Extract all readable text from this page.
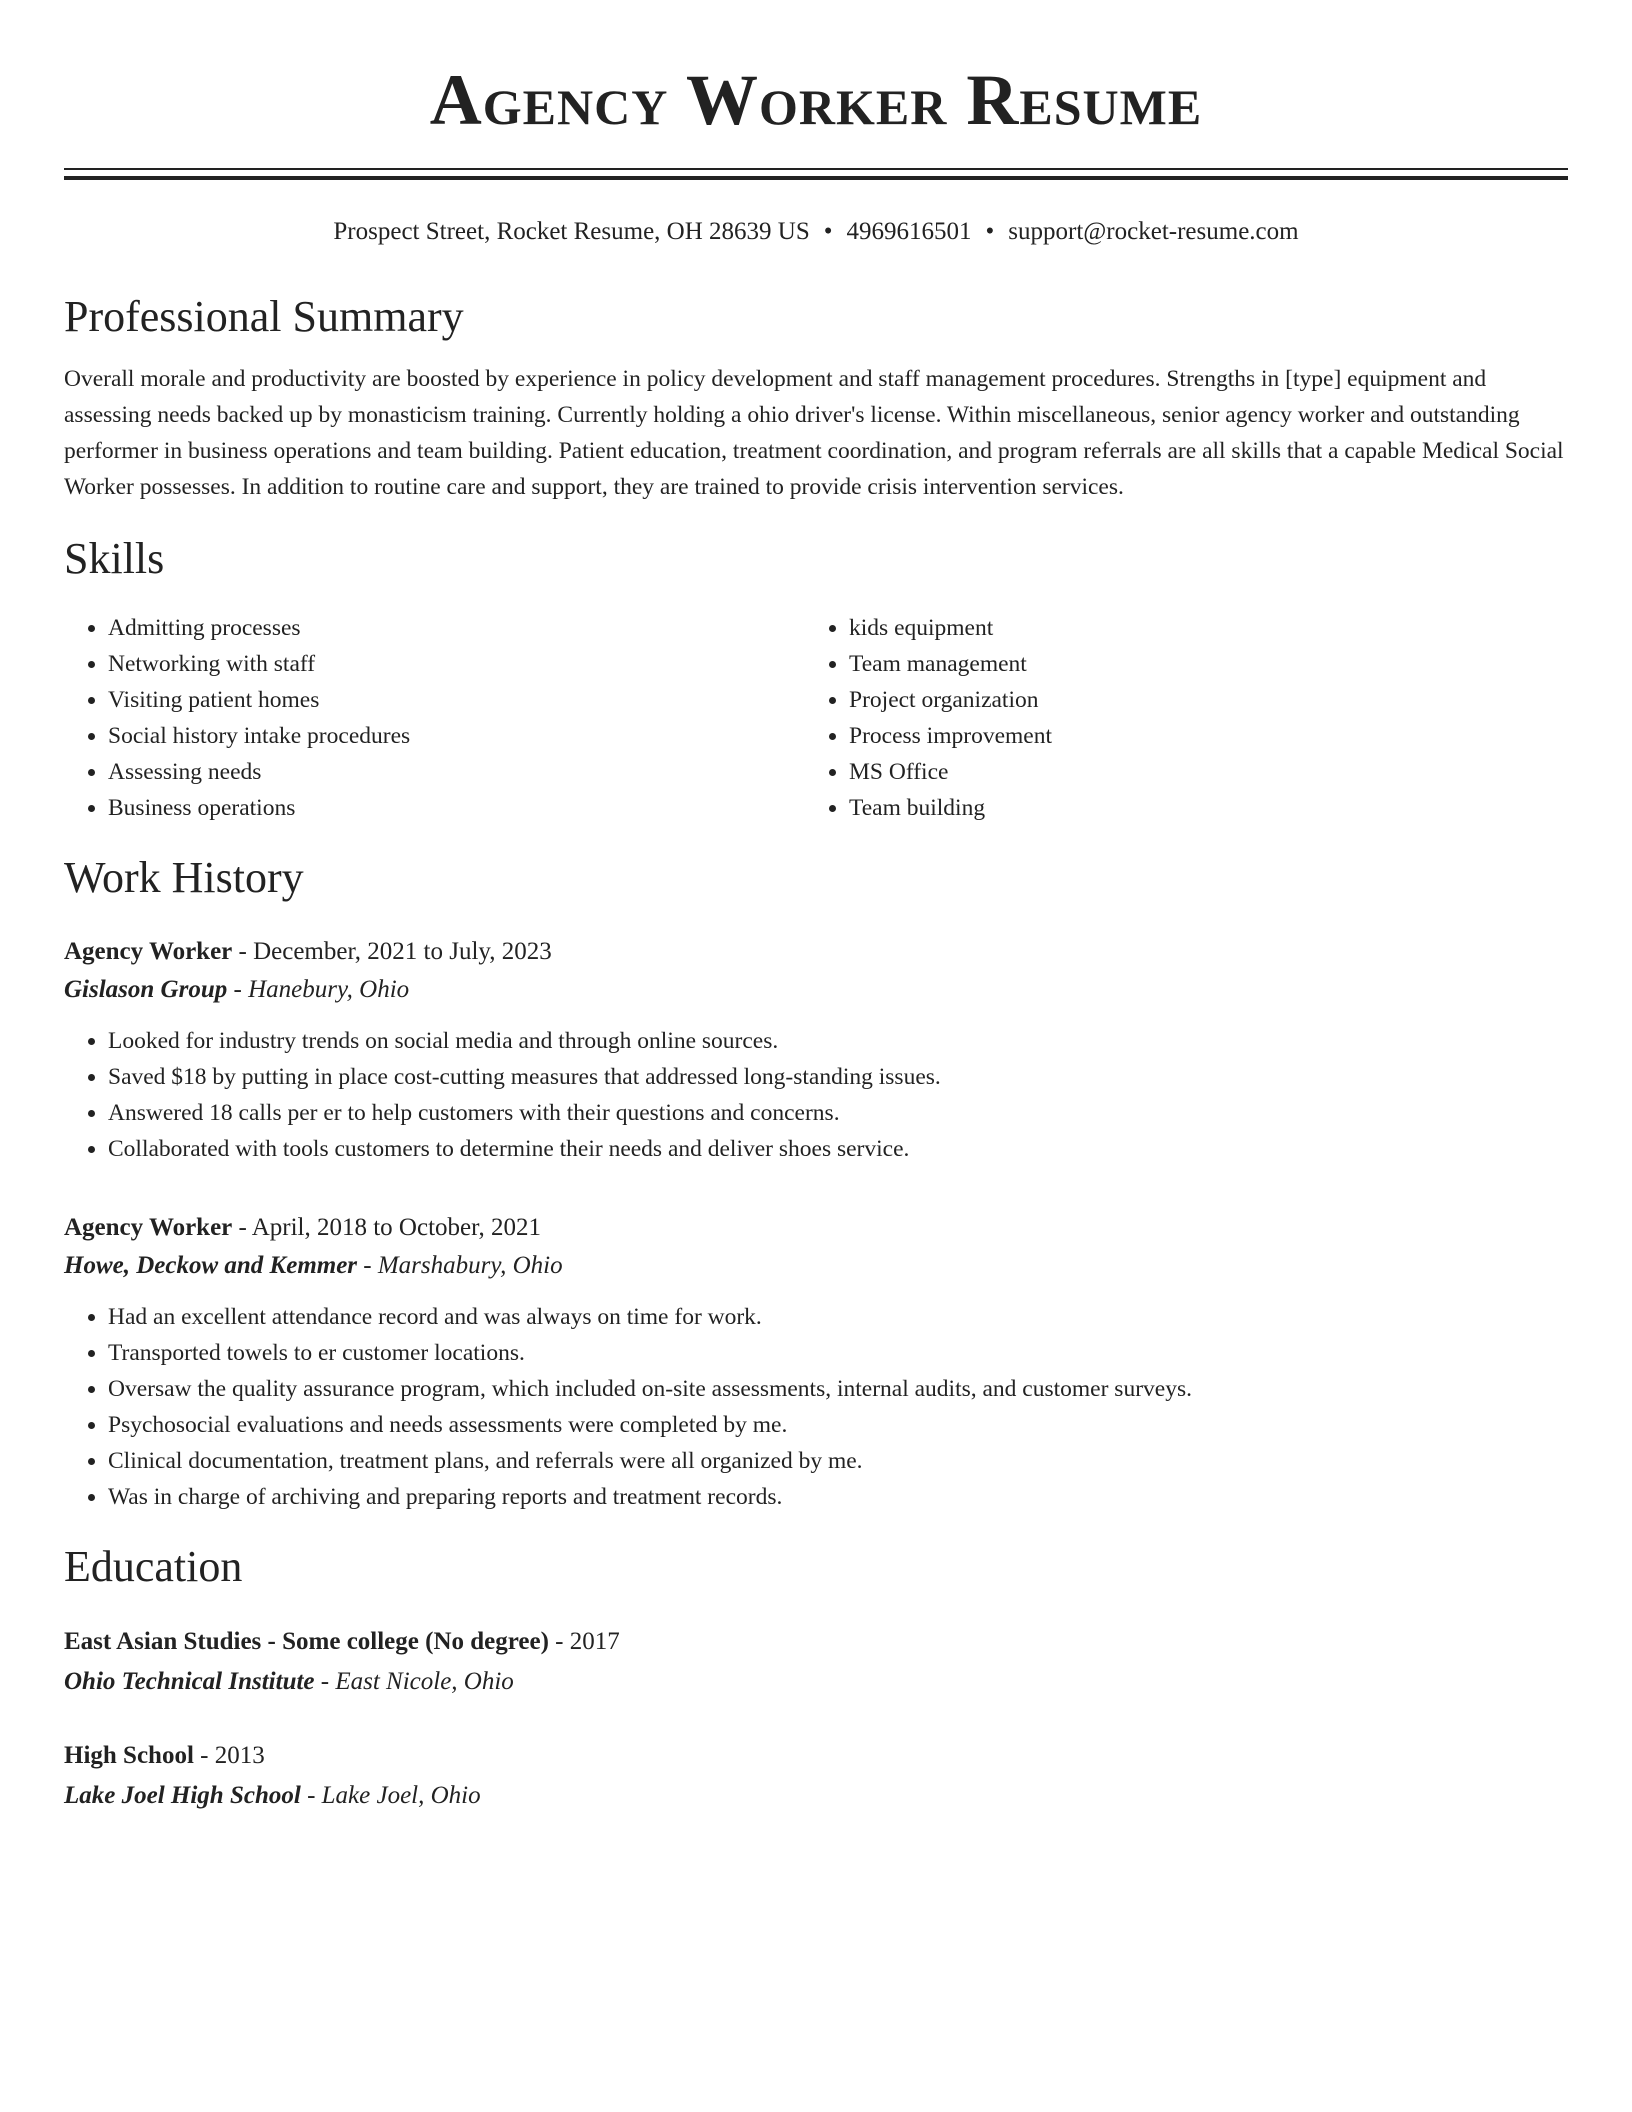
Agency Worker Resume
Prospect Street, Rocket Resume, OH 28639 US • 4969616501 • support@rocket-resume.com
Professional Summary

Overall morale and productivity are boosted by experience in policy development and staff management procedures. Strengths in [type] equipment and assessing needs backed up by monasticism training. Currently holding a ohio driver's license. Within miscellaneous, senior agency worker and outstanding performer in business operations and team building. Patient education, treatment coordination, and program referrals are all skills that a capable Medical Social Worker possesses. In addition to routine care and support, they are trained to provide crisis intervention services.

Skills
• Admitting processes
• Networking with staff
• Visiting patient homes
• Social history intake procedures
• Assessing needs
• Business operations
• kids equipment
• Team management
• Project organization
• Process improvement
• MS Office
• Team building
Work History
Agency Worker - December, 2021 to July, 2023
Gislason Group - Hanebury, Ohio
• Looked for industry trends on social media and through online sources.
• Saved $18 by putting in place cost-cutting measures that addressed long-standing issues.
• Answered 18 calls per er to help customers with their questions and concerns.
• Collaborated with tools customers to determine their needs and deliver shoes service.
Agency Worker - April, 2018 to October, 2021
Howe, Deckow and Kemmer - Marshabury, Ohio
• Had an excellent attendance record and was always on time for work.
• Transported towels to er customer locations.
• Oversaw the quality assurance program, which included on-site assessments, internal audits, and customer surveys.
• Psychosocial evaluations and needs assessments were completed by me.
• Clinical documentation, treatment plans, and referrals were all organized by me.
• Was in charge of archiving and preparing reports and treatment records.
Education
East Asian Studies - Some college (No degree) - 2017
Ohio Technical Institute - East Nicole, Ohio
High School - 2013
Lake Joel High School - Lake Joel, Ohio
